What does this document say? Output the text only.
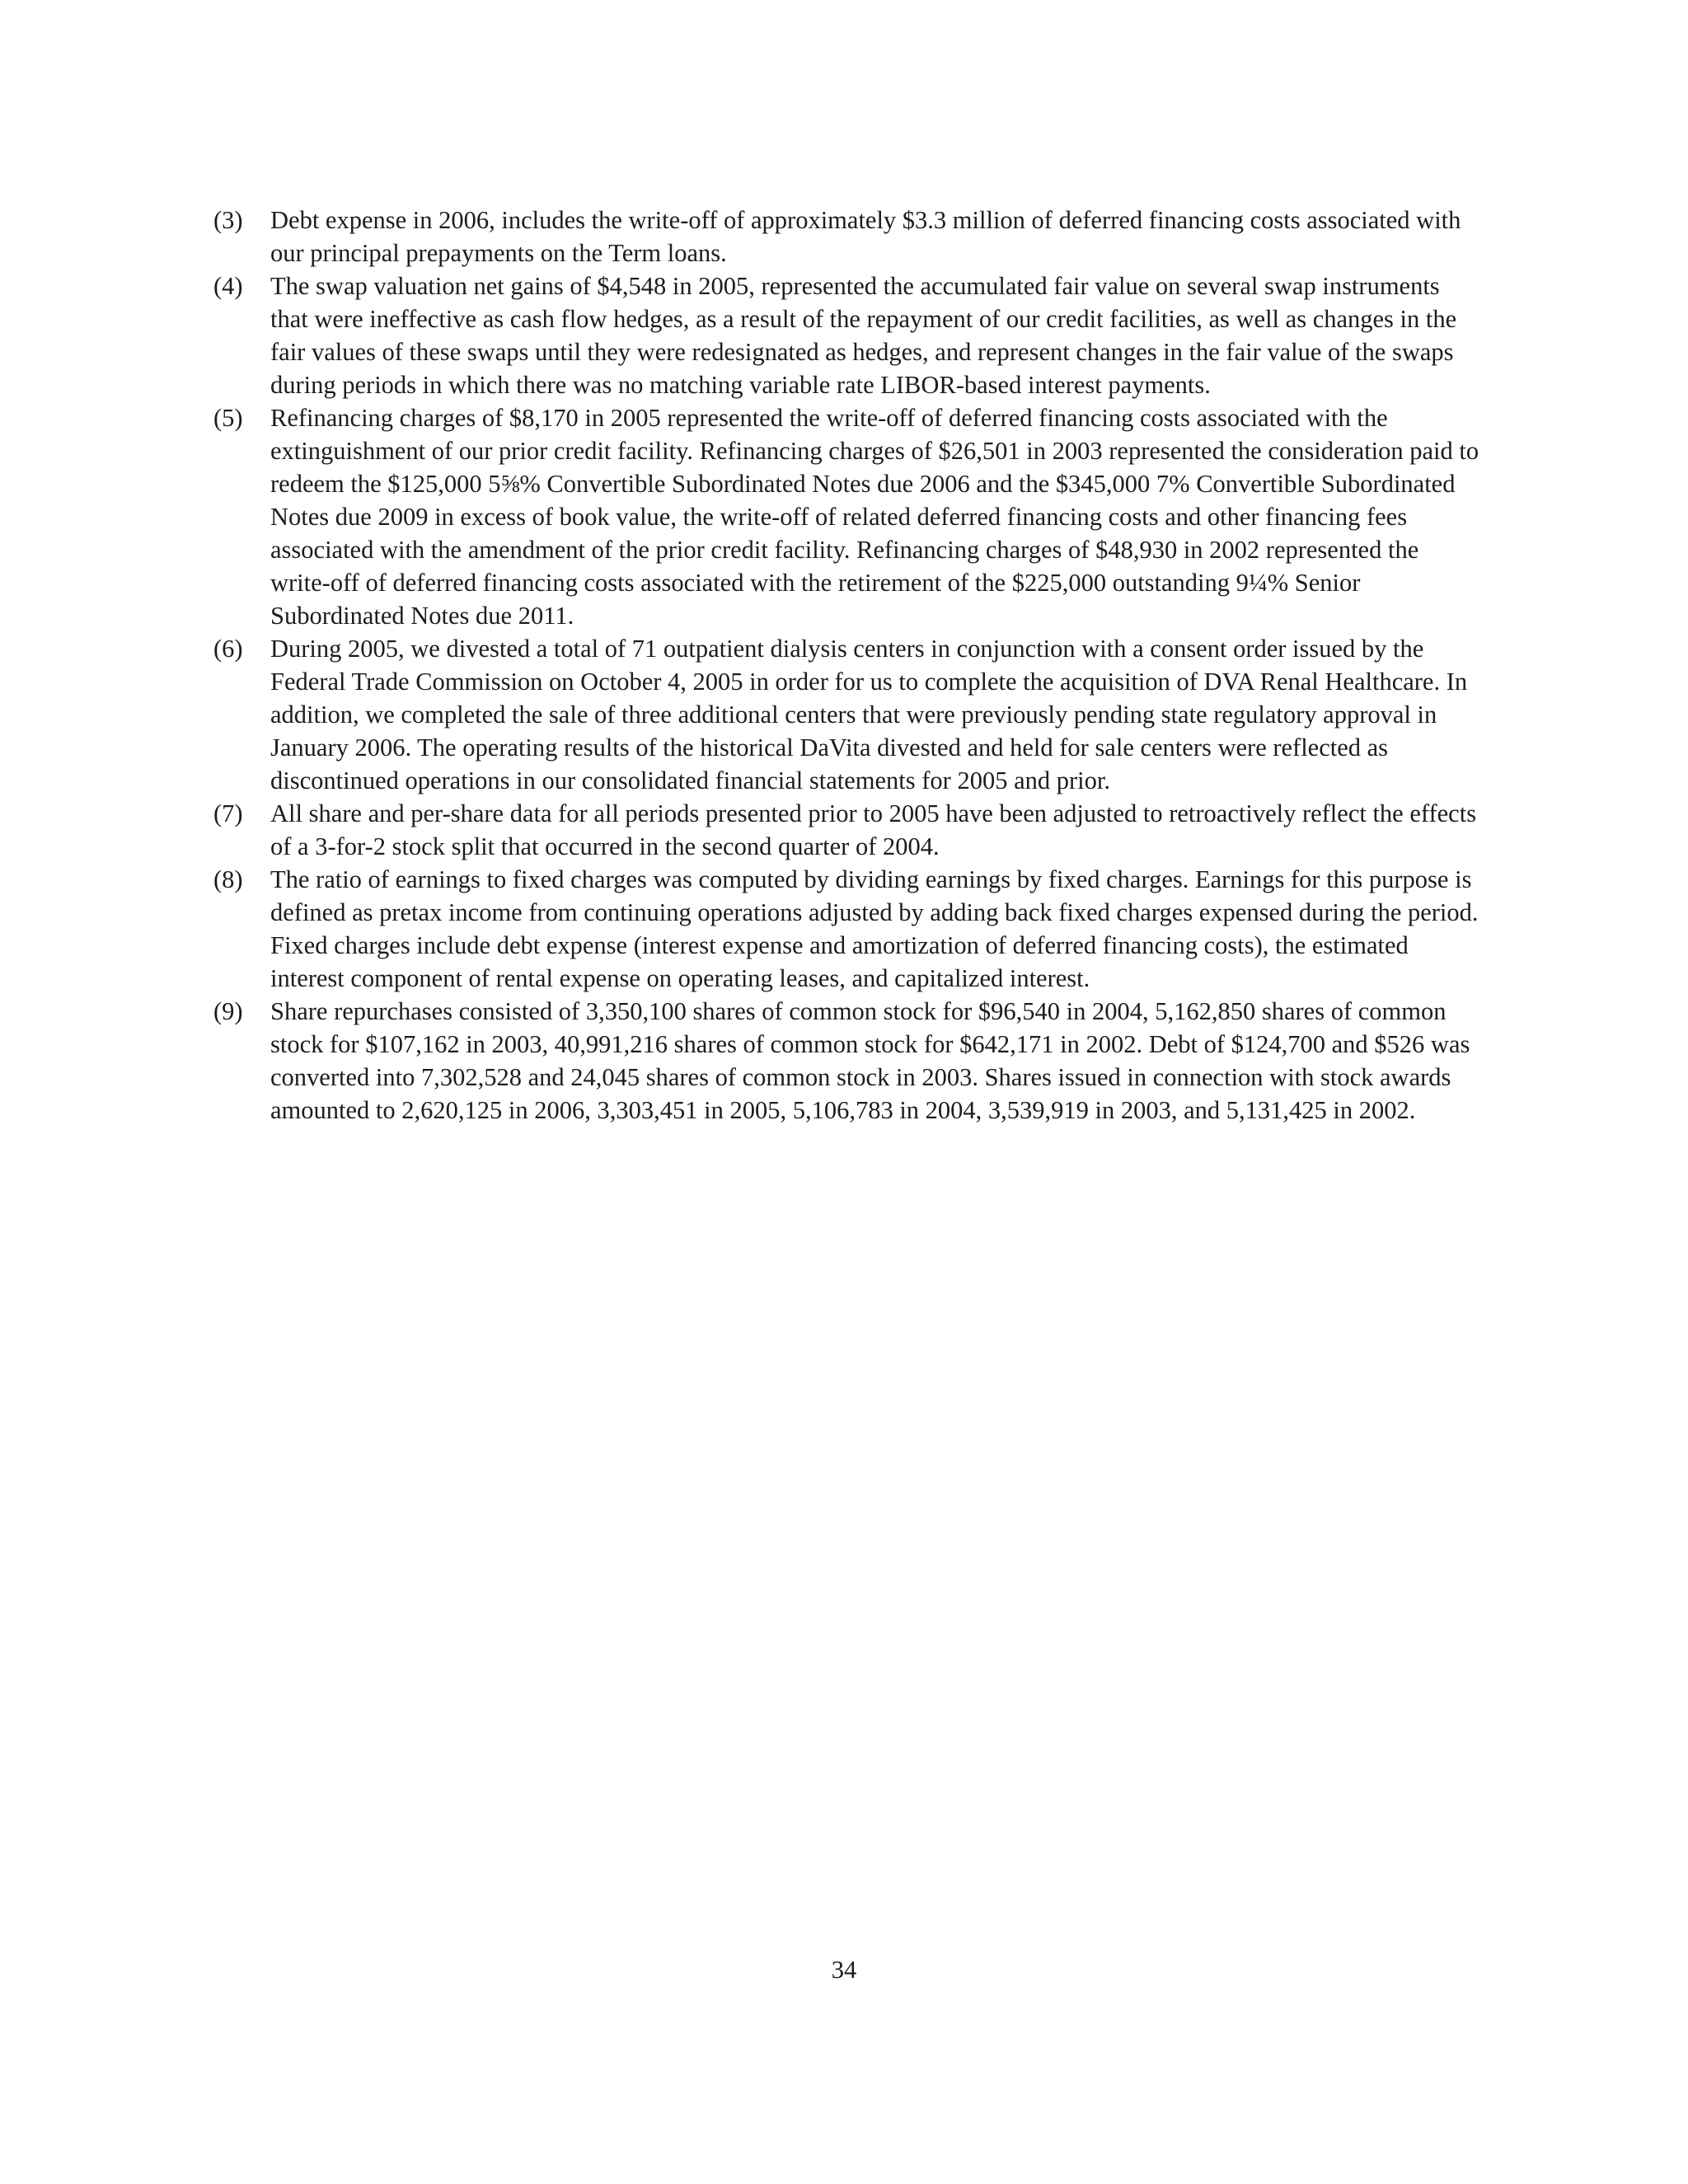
(3) Debt expense in 2006, includes the write-off of approximately $3.3 million of deferred financing costs associated with our principal prepayments on the Term loans.
(4) The swap valuation net gains of $4,548 in 2005, represented the accumulated fair value on several swap instruments that were ineffective as cash flow hedges, as a result of the repayment of our credit facilities, as well as changes in the fair values of these swaps until they were redesignated as hedges, and represent changes in the fair value of the swaps during periods in which there was no matching variable rate LIBOR-based interest payments.
(5) Refinancing charges of $8,170 in 2005 represented the write-off of deferred financing costs associated with the extinguishment of our prior credit facility. Refinancing charges of $26,501 in 2003 represented the consideration paid to redeem the $125,000 5⅝% Convertible Subordinated Notes due 2006 and the $345,000 7% Convertible Subordinated Notes due 2009 in excess of book value, the write-off of related deferred financing costs and other financing fees associated with the amendment of the prior credit facility. Refinancing charges of $48,930 in 2002 represented the write-off of deferred financing costs associated with the retirement of the $225,000 outstanding 9¼% Senior Subordinated Notes due 2011.
(6) During 2005, we divested a total of 71 outpatient dialysis centers in conjunction with a consent order issued by the Federal Trade Commission on October 4, 2005 in order for us to complete the acquisition of DVA Renal Healthcare. In addition, we completed the sale of three additional centers that were previously pending state regulatory approval in January 2006. The operating results of the historical DaVita divested and held for sale centers were reflected as discontinued operations in our consolidated financial statements for 2005 and prior.
(7) All share and per-share data for all periods presented prior to 2005 have been adjusted to retroactively reflect the effects of a 3-for-2 stock split that occurred in the second quarter of 2004.
(8) The ratio of earnings to fixed charges was computed by dividing earnings by fixed charges. Earnings for this purpose is defined as pretax income from continuing operations adjusted by adding back fixed charges expensed during the period. Fixed charges include debt expense (interest expense and amortization of deferred financing costs), the estimated interest component of rental expense on operating leases, and capitalized interest.
(9) Share repurchases consisted of 3,350,100 shares of common stock for $96,540 in 2004, 5,162,850 shares of common stock for $107,162 in 2003, 40,991,216 shares of common stock for $642,171 in 2002. Debt of $124,700 and $526 was converted into 7,302,528 and 24,045 shares of common stock in 2003. Shares issued in connection with stock awards amounted to 2,620,125 in 2006, 3,303,451 in 2005, 5,106,783 in 2004, 3,539,919 in 2003, and 5,131,425 in 2002.
34
